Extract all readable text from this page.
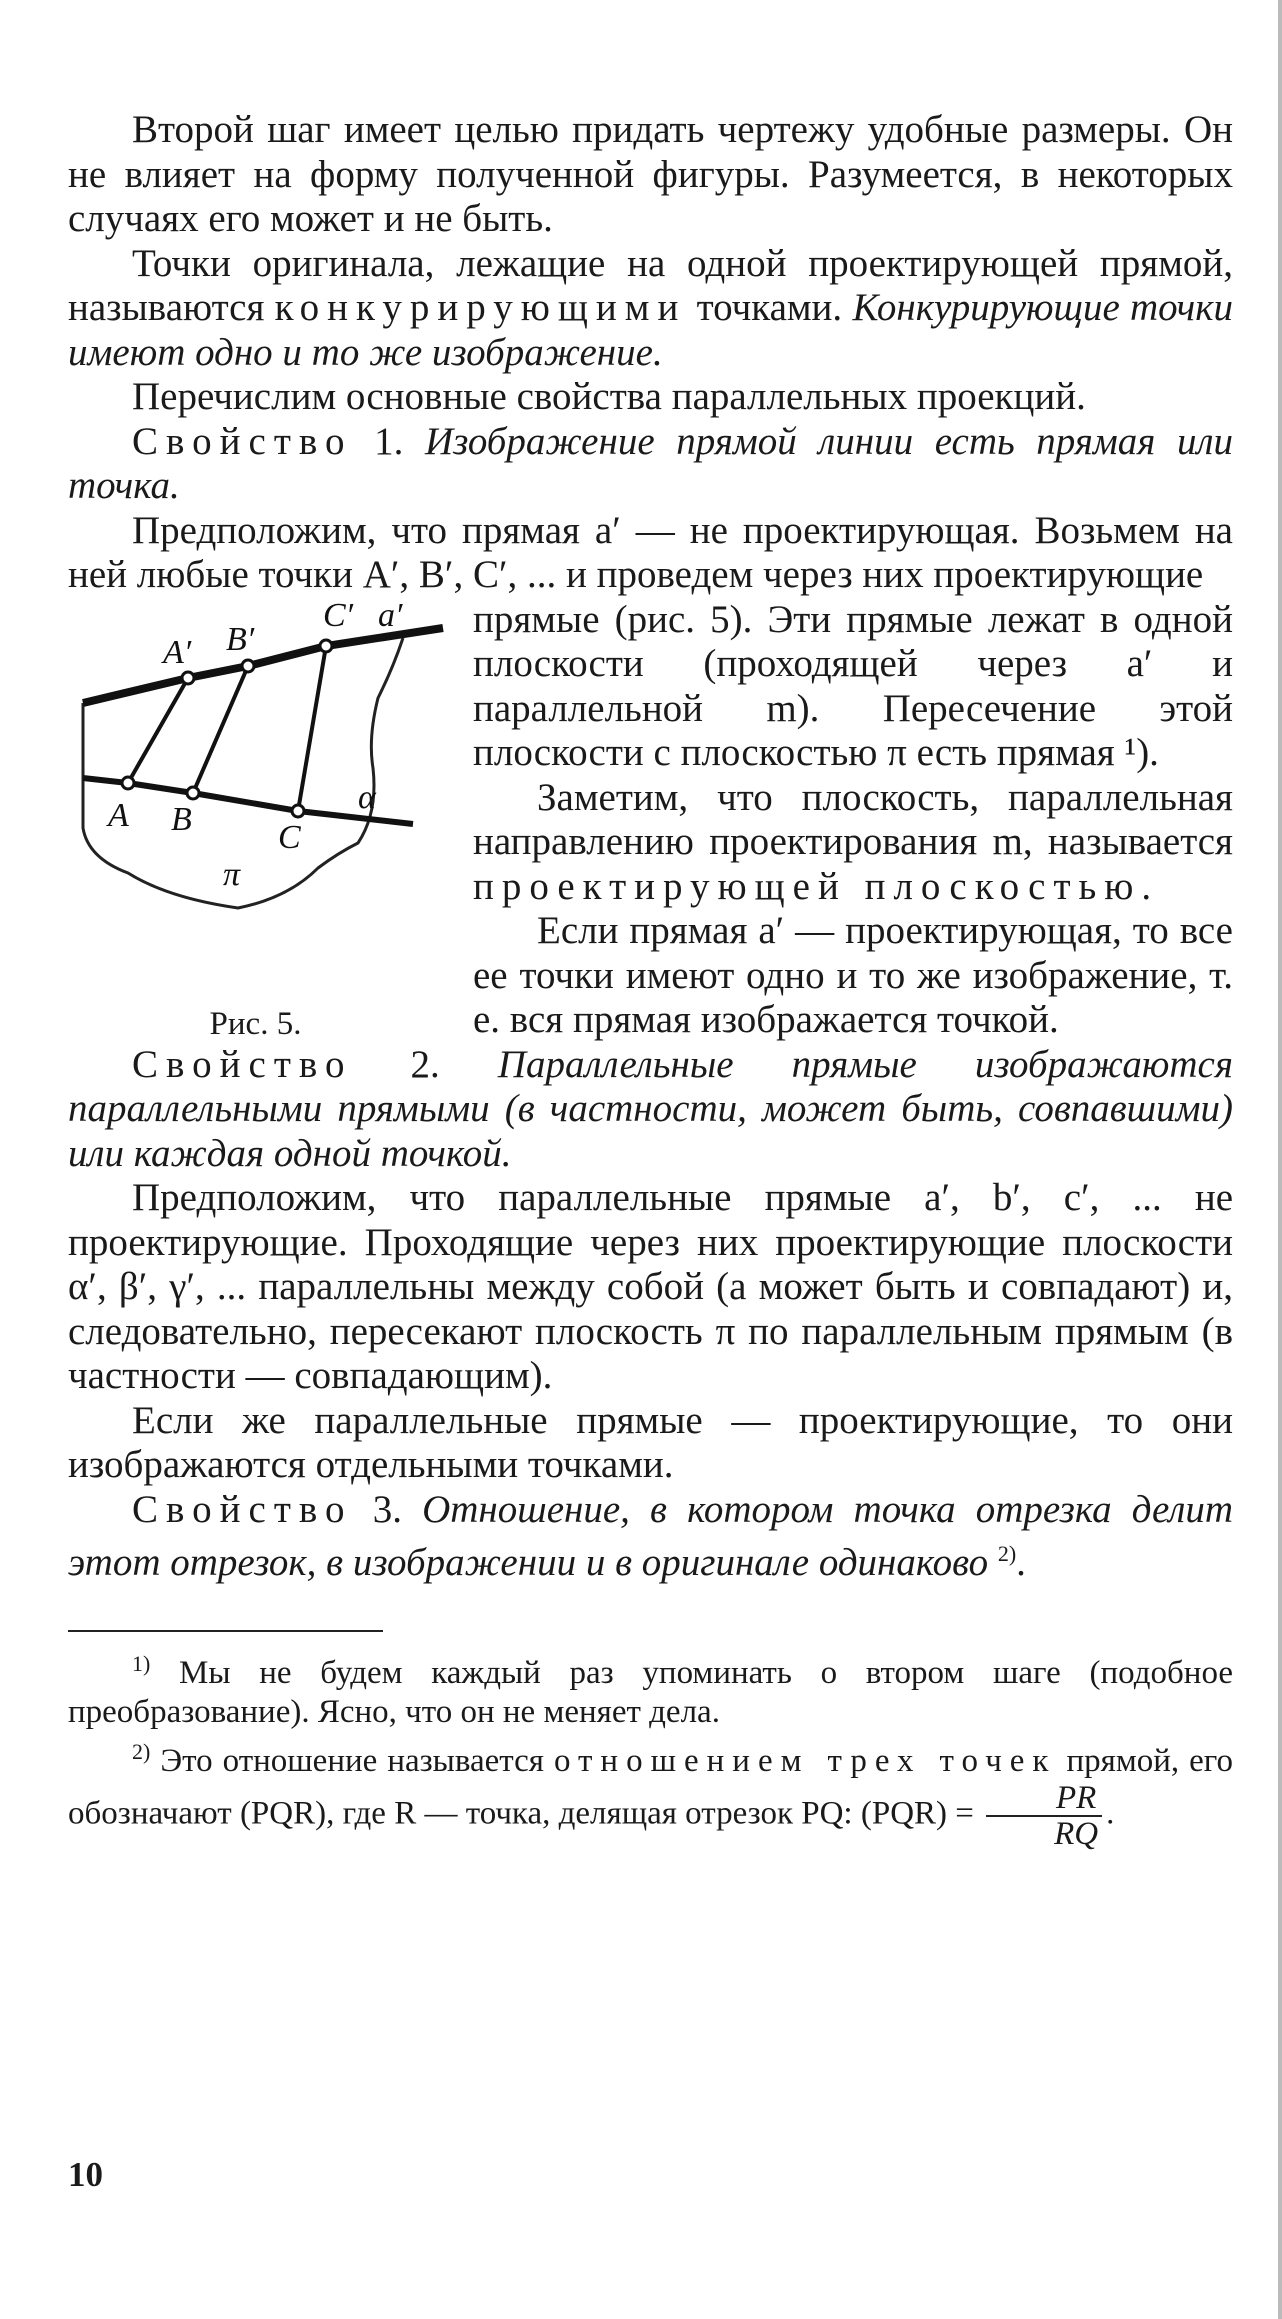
Второй шаг имеет целью придать чертежу удобные размеры. Он не влияет на форму полученной фигуры. Разумеется, в некоторых случаях его может и не быть.

Точки оригинала, лежащие на одной проектирующей прямой, называются конкурирующими точками. Конкурирующие точки имеют одно и то же изображение.

Перечислим основные свойства параллельных проекций.

Свойство 1. Изображение прямой линии есть прямая или точка.

Предположим, что прямая a′ — не проектирующая. Возьмем на ней любые точки A′, B′, C′, ... и проведем через них проектирующие

A′ B′
C′ a′
A B	C
α
π
Рис. 5.

прямые (рис. 5). Эти прямые лежат в одной плоскости (проходящей через a′ и параллельной m). Пересечение этой плоскости с плоскостью π есть прямая ¹).

Заметим, что плоскость, параллельная направлению проектирования m, называется проектирующей плоскостью.

Если прямая a′ — проектирующая, то все ее точки имеют одно и то же изображение, т. е. вся прямая изображается точкой.

Свойство 2. Параллельные прямые изображаются параллельными прямыми (в частности, может быть, совпавшими) или каждая одной точкой.

Предположим, что параллельные прямые a′, b′, c′, ... не проектирующие. Проходящие через них проектирующие плоскости α′, β′, γ′, ... параллельны между собой (а может быть и совпадают) и, следовательно, пересекают плоскость π по параллельным прямым (в частности — совпадающим).

Если же параллельные прямые — проектирующие, то они изображаются отдельными точками.

Свойство 3. Отношение, в котором точка отрезка делит этот отрезок, в изображении и в оригинале одинаково $^{2)}$.

$^{1)}$ Мы не будем каждый раз упоминать о втором шаге (подобное преобразование). Ясно, что он не меняет дела.

$^{2)}$ Это отношение называется отношением трех точек прямой, его обозначают (PQR), где R — точка, делящая отрезок PQ: $(PQR) = \frac{PR}{RQ}$ .

10
